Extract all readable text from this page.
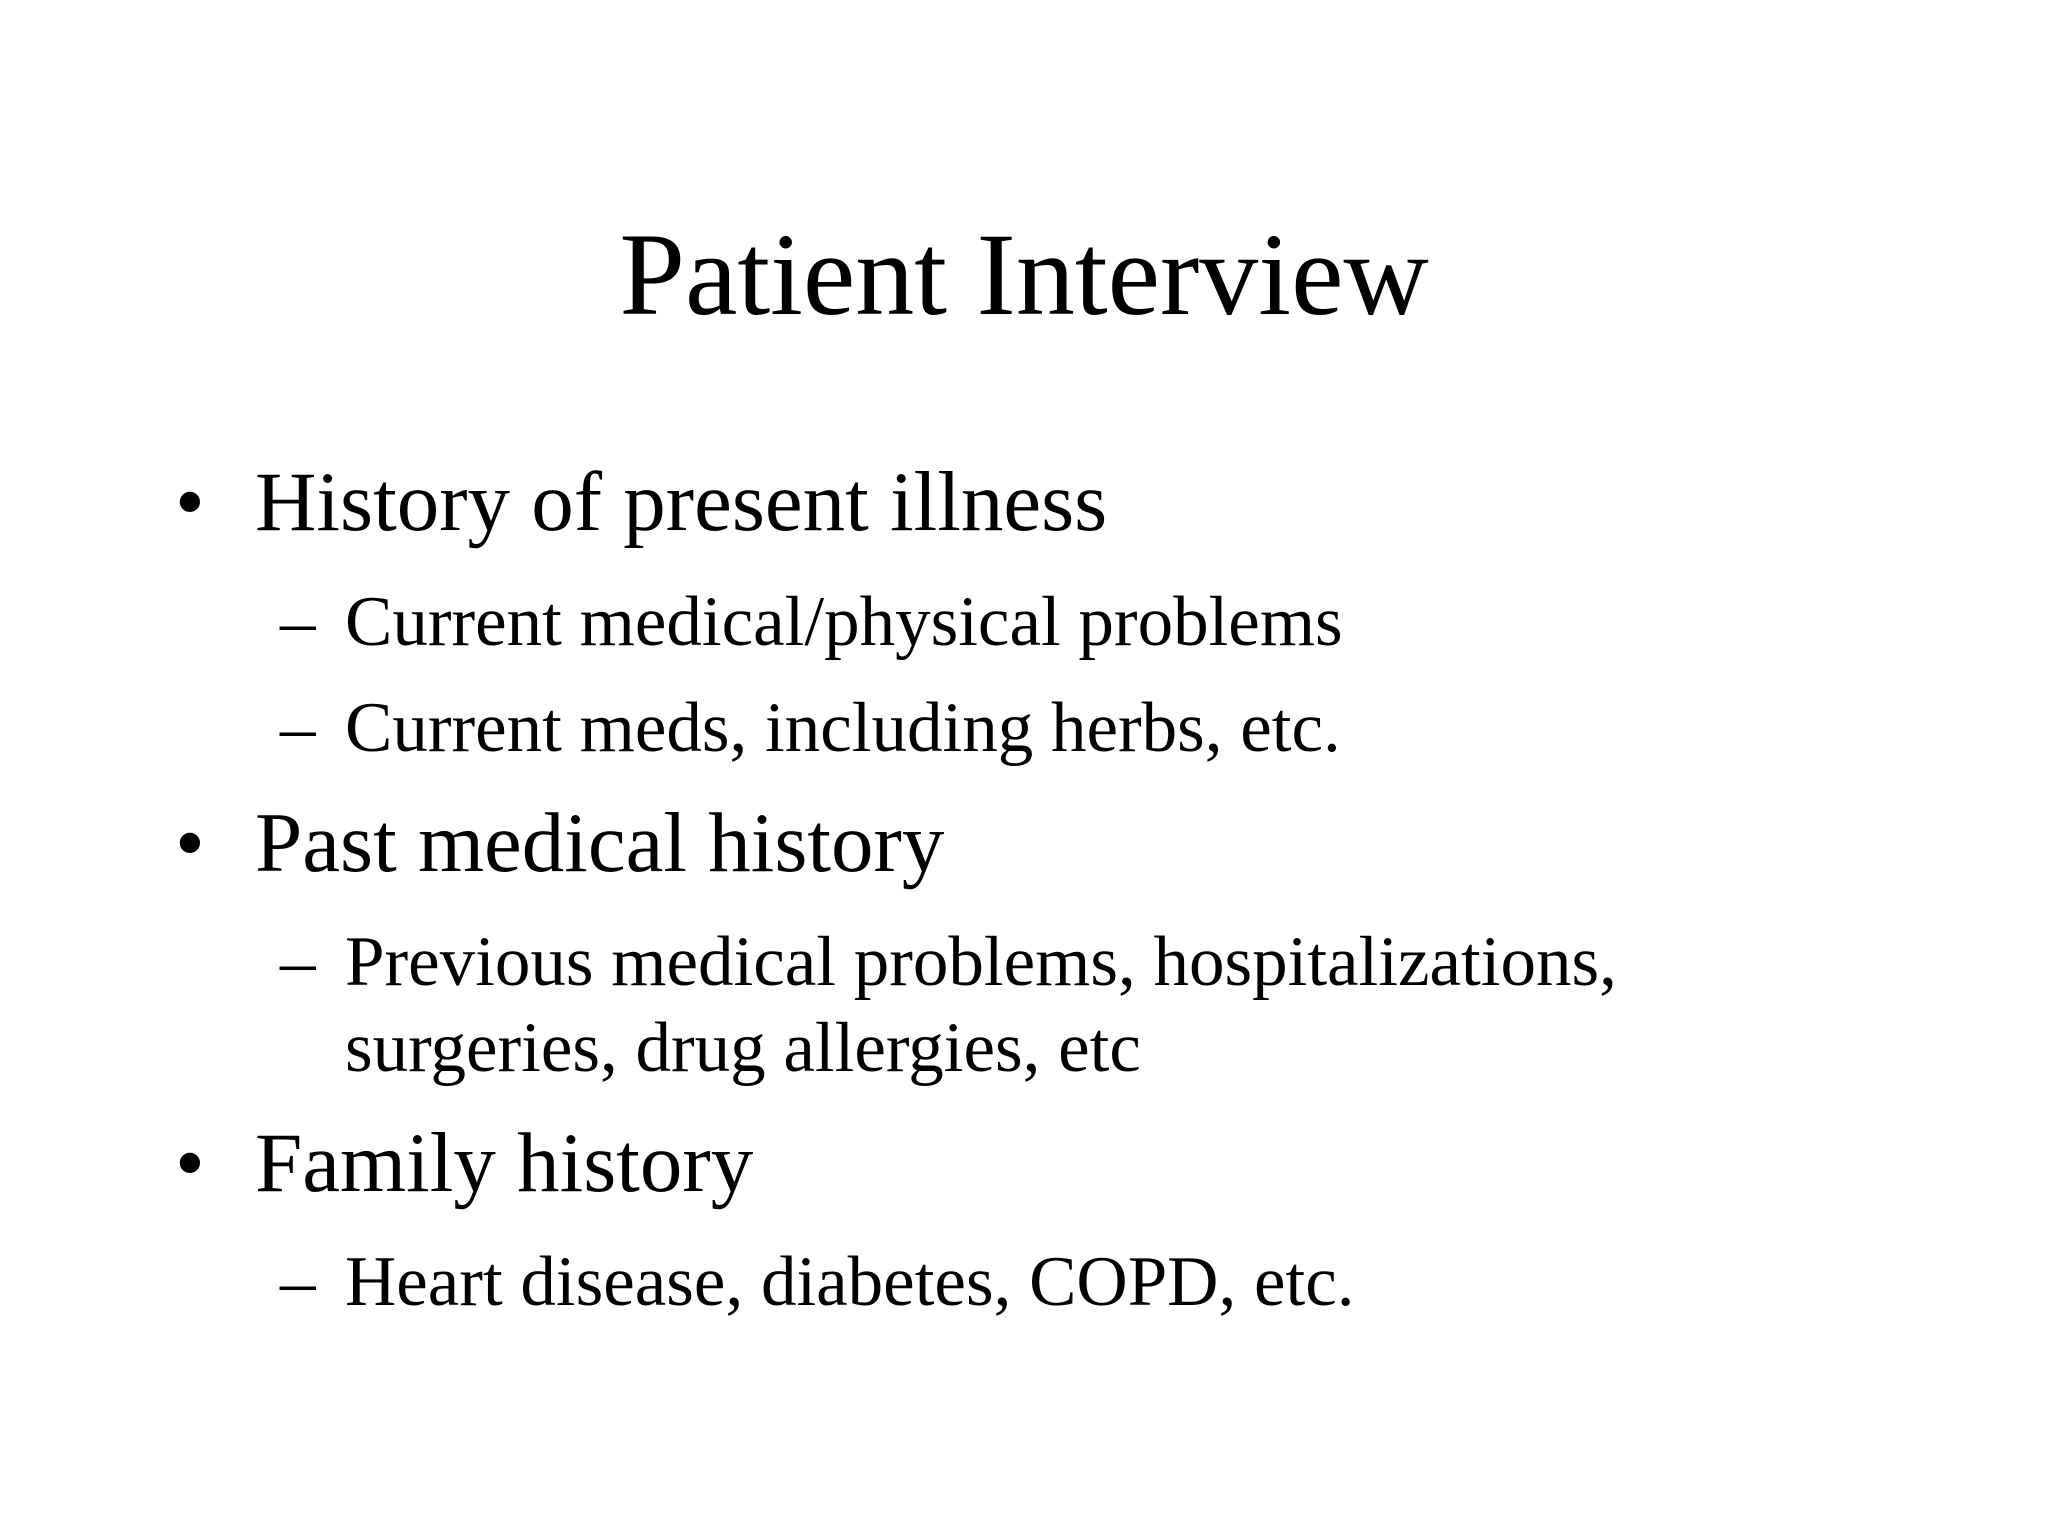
Patient Interview
• History of present illness
– Current medical/physical problems
– Current meds, including herbs, etc.
• Past medical history
– Previous medical problems, hospitalizations,
surgeries, drug allergies, etc
• Family history
– Heart disease, diabetes, COPD, etc.
